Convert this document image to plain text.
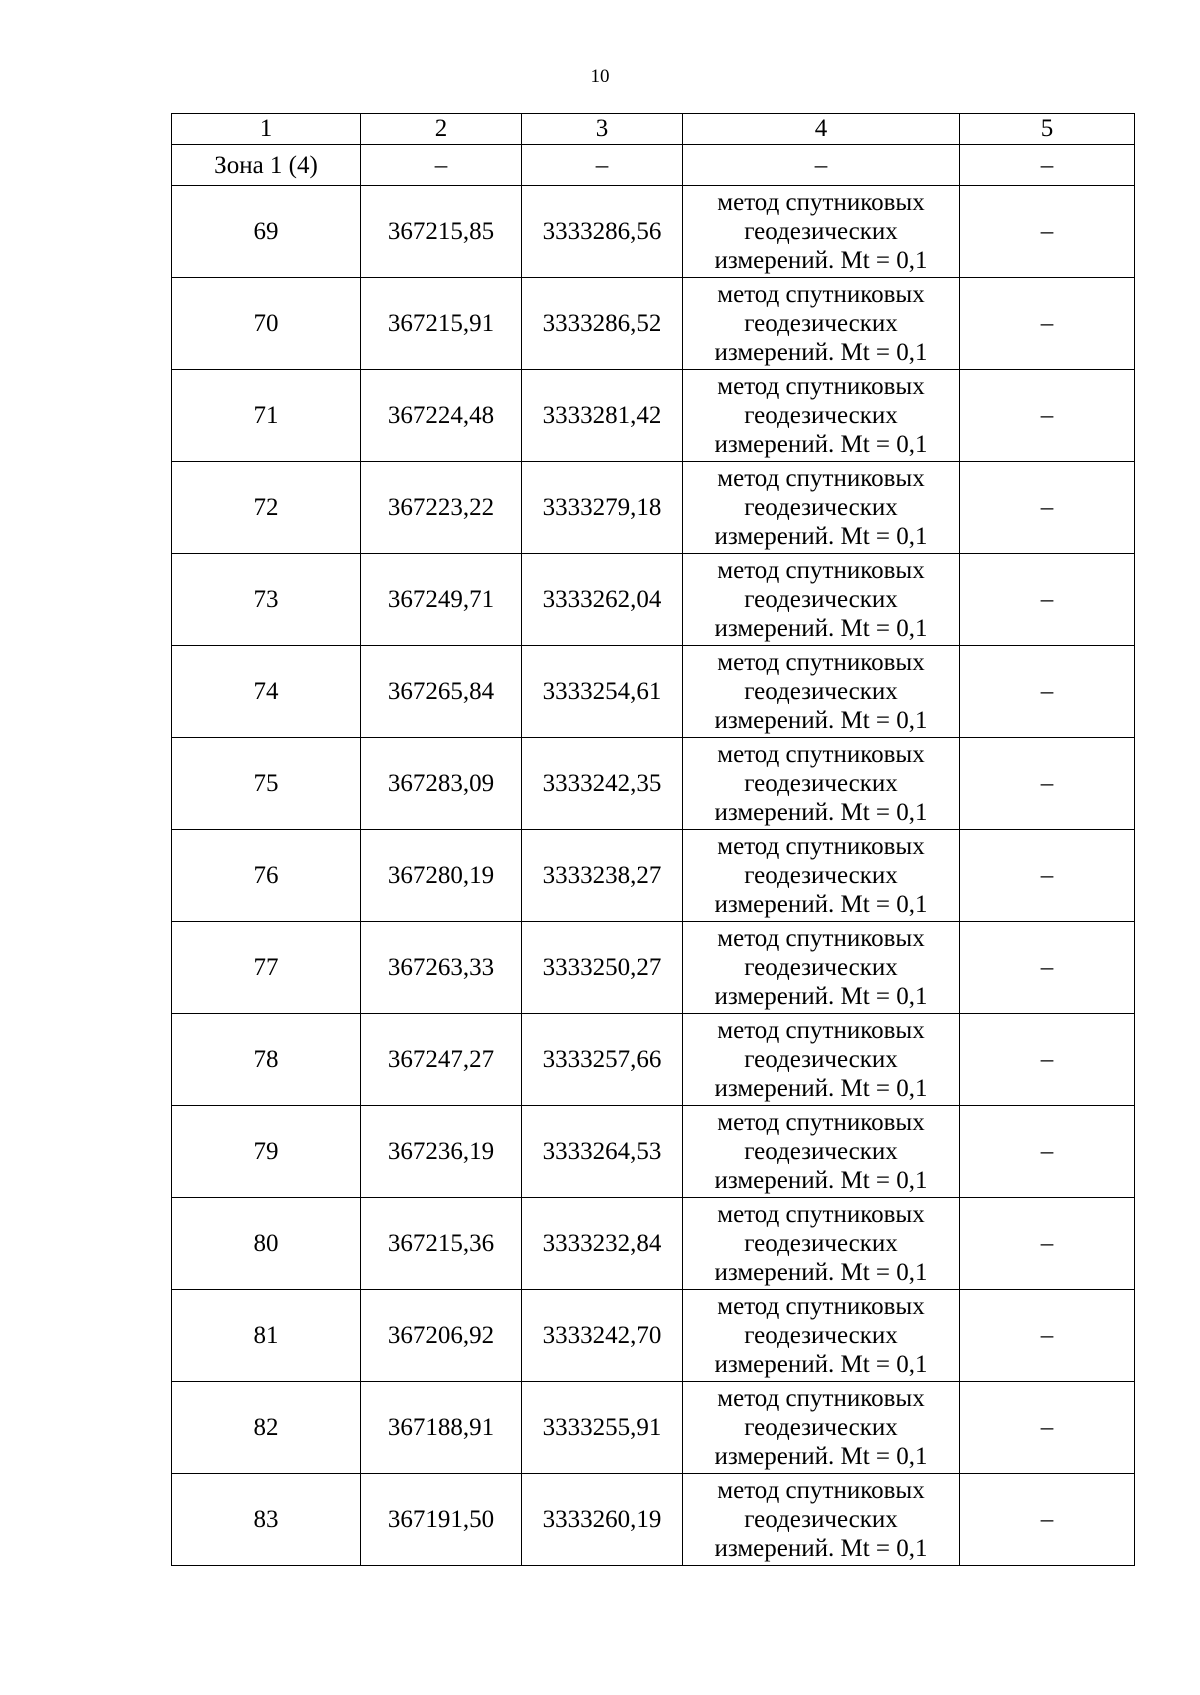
10
1	2	3	4	5
Зона 1 (4)	–	–	–	–
69	367215,85	3333286,56	метод спутниковых
геодезических
измерений. Mt = 0,1	–
70	367215,91	3333286,52	метод спутниковых
геодезических
измерений. Mt = 0,1	–
71	367224,48	3333281,42	метод спутниковых
геодезических
измерений. Mt = 0,1	–
72	367223,22	3333279,18	метод спутниковых
геодезических
измерений. Mt = 0,1	–
73	367249,71	3333262,04	метод спутниковых
геодезических
измерений. Mt = 0,1	–
74	367265,84	3333254,61	метод спутниковых
геодезических
измерений. Mt = 0,1	–
75	367283,09	3333242,35	метод спутниковых
геодезических
измерений. Mt = 0,1	–
76	367280,19	3333238,27	метод спутниковых
геодезических
измерений. Mt = 0,1	–
77	367263,33	3333250,27	метод спутниковых
геодезических
измерений. Mt = 0,1	–
78	367247,27	3333257,66	метод спутниковых
геодезических
измерений. Mt = 0,1	–
79	367236,19	3333264,53	метод спутниковых
геодезических
измерений. Mt = 0,1	–
80	367215,36	3333232,84	метод спутниковых
геодезических
измерений. Mt = 0,1	–
81	367206,92	3333242,70	метод спутниковых
геодезических
измерений. Mt = 0,1	–
82	367188,91	3333255,91	метод спутниковых
геодезических
измерений. Mt = 0,1	–
83	367191,50	3333260,19	метод спутниковых
геодезических
измерений. Mt = 0,1	–
